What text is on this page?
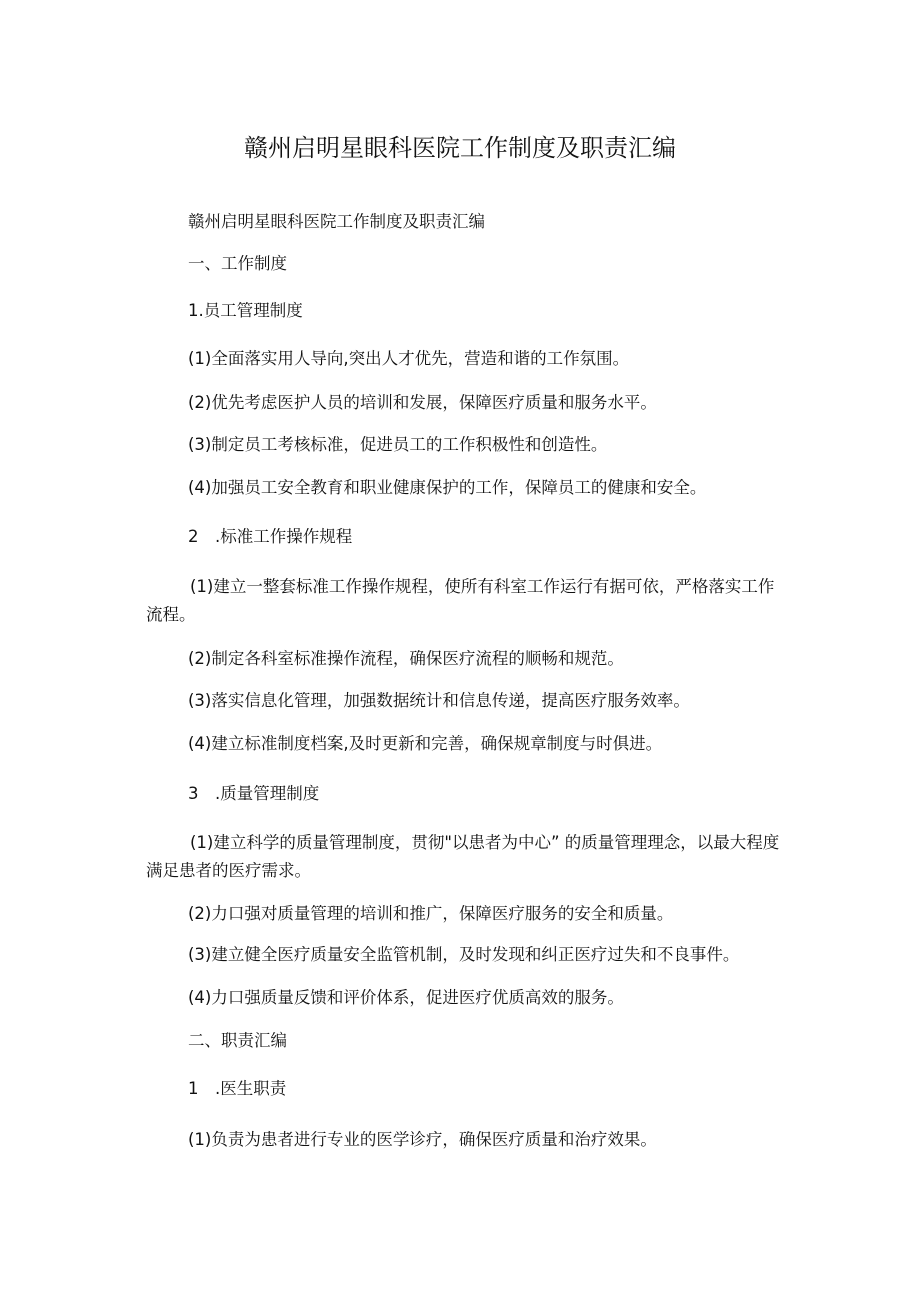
赣州启明星眼科医院工作制度及职责汇编
赣州启明星眼科医院工作制度及职责汇编
一、工作制度
1.员工管理制度
(1)全面落实用人导向,突出人才优先，营造和谐的工作氛围。
(2)优先考虑医护人员的培训和发展，保障医疗质量和服务水平。
(3)制定员工考核标准，促进员工的工作积极性和创造性。
(4)加强员工安全教育和职业健康保护的工作，保障员工的健康和安全。
2　.标准工作操作规程
(1)建立一整套标准工作操作规程，使所有科室工作运行有据可依，严格落实工作流程。
(2)制定各科室标准操作流程，确保医疗流程的顺畅和规范。
(3)落实信息化管理，加强数据统计和信息传递，提高医疗服务效率。
(4)建立标准制度档案,及时更新和完善，确保规章制度与时俱进。
3　.质量管理制度
(1)建立科学的质量管理制度，贯彻"以患者为中心” 的质量管理理念，以最大程度满足患者的医疗需求。
(2)力口强对质量管理的培训和推广，保障医疗服务的安全和质量。
(3)建立健全医疗质量安全监管机制，及时发现和纠正医疗过失和不良事件。
(4)力口强质量反馈和评价体系，促进医疗优质高效的服务。
二、职责汇编
1　.医生职责
(1)负责为患者进行专业的医学诊疗，确保医疗质量和治疗效果。
